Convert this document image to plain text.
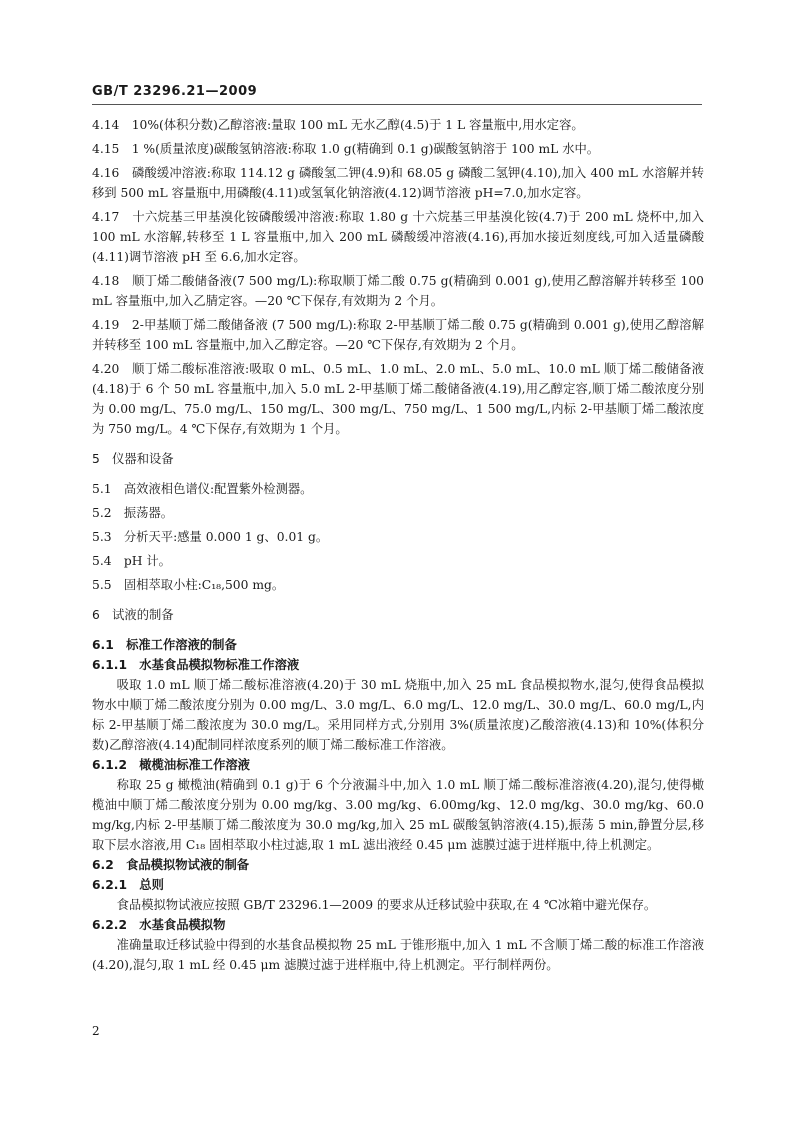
GB/T 23296.21—2009

4.14　 10%(体积分数)乙醇溶液:量取 100 mL 无水乙醇(4.5)于 1 L 容量瓶中,用水定容。

4.15　 1 %(质量浓度)碳酸氢钠溶液:称取 1.0 g(精确到 0.1 g)碳酸氢钠溶于 100 mL 水中。

4.16　 磷酸缓冲溶液:称取 114.12 g 磷酸氢二钾(4.9)和 68.05 g 磷酸二氢钾(4.10),加入 400 mL 水溶解并转移到 500 mL 容量瓶中,用磷酸(4.11)或氢氧化钠溶液(4.12)调节溶液 pH=7.0,加水定容。

4.17　 十六烷基三甲基溴化铵磷酸缓冲溶液:称取 1.80 g 十六烷基三甲基溴化铵(4.7)于 200 mL 烧杯中,加入 100 mL 水溶解,转移至 1 L 容量瓶中,加入 200 mL 磷酸缓冲溶液(4.16),再加水接近刻度线,可加入适量磷酸(4.11)调节溶液 pH 至 6.6,加水定容。

4.18　 顺丁烯二酸储备液(7 500 mg/L):称取顺丁烯二酸 0.75 g(精确到 0.001 g),使用乙醇溶解并转移至 100 mL 容量瓶中,加入乙腈定容。—20 ℃下保存,有效期为 2 个月。

4.19　 2-甲基顺丁烯二酸储备液 (7 500 mg/L):称取 2-甲基顺丁烯二酸 0.75 g(精确到 0.001 g),使用乙醇溶解并转移至 100 mL 容量瓶中,加入乙醇定容。—20 ℃下保存,有效期为 2 个月。

4.20　 顺丁烯二酸标准溶液:吸取 0 mL、0.5 mL、1.0 mL、2.0 mL、5.0 mL、10.0 mL 顺丁烯二酸储备液(4.18)于 6 个 50 mL 容量瓶中,加入 5.0 mL 2-甲基顺丁烯二酸储备液(4.19),用乙醇定容,顺丁烯二酸浓度分别为 0.00 mg/L、75.0 mg/L、150 mg/L、300 mg/L、750 mg/L、1 500 mg/L,内标 2-甲基顺丁烯二酸浓度为 750 mg/L。4 ℃下保存,有效期为 1 个月。

5　仪器和设备

5.1　 高效液相色谱仪:配置紫外检测器。

5.2　 振荡器。

5.3　 分析天平:感量 0.000 1 g、0.01 g。

5.4　 pH 计。

5.5　 固相萃取小柱:C₁₈,500 mg。

6　试液的制备

6.1　标准工作溶液的制备

6.1.1　水基食品模拟物标准工作溶液

吸取 1.0 mL 顺丁烯二酸标准溶液(4.20)于 30 mL 烧瓶中,加入 25 mL 食品模拟物水,混匀,使得食品模拟物水中顺丁烯二酸浓度分别为 0.00 mg/L、3.0 mg/L、6.0 mg/L、12.0 mg/L、30.0 mg/L、60.0 mg/L,内标 2-甲基顺丁烯二酸浓度为 30.0 mg/L。采用同样方式,分别用 3%(质量浓度)乙酸溶液(4.13)和 10%(体积分数)乙醇溶液(4.14)配制同样浓度系列的顺丁烯二酸标准工作溶液。

6.1.2　橄榄油标准工作溶液

称取 25 g 橄榄油(精确到 0.1 g)于 6 个分液漏斗中,加入 1.0 mL 顺丁烯二酸标准溶液(4.20),混匀,使得橄榄油中顺丁烯二酸浓度分别为 0.00 mg/kg、3.00 mg/kg、6.00mg/kg、12.0 mg/kg、30.0 mg/kg、60.0 mg/kg,内标 2-甲基顺丁烯二酸浓度为 30.0 mg/kg,加入 25 mL 碳酸氢钠溶液(4.15),振荡 5 min,静置分层,移取下层水溶液,用 C₁₈ 固相萃取小柱过滤,取 1 mL 滤出液经 0.45 μm 滤膜过滤于进样瓶中,待上机测定。

6.2　食品模拟物试液的制备

6.2.1　总则

食品模拟物试液应按照 GB/T 23296.1—2009 的要求从迁移试验中获取,在 4 ℃冰箱中避光保存。

6.2.2　水基食品模拟物

准确量取迁移试验中得到的水基食品模拟物 25 mL 于锥形瓶中,加入 1 mL 不含顺丁烯二酸的标准工作溶液(4.20),混匀,取 1 mL 经 0.45 μm 滤膜过滤于进样瓶中,待上机测定。平行制样两份。

2
